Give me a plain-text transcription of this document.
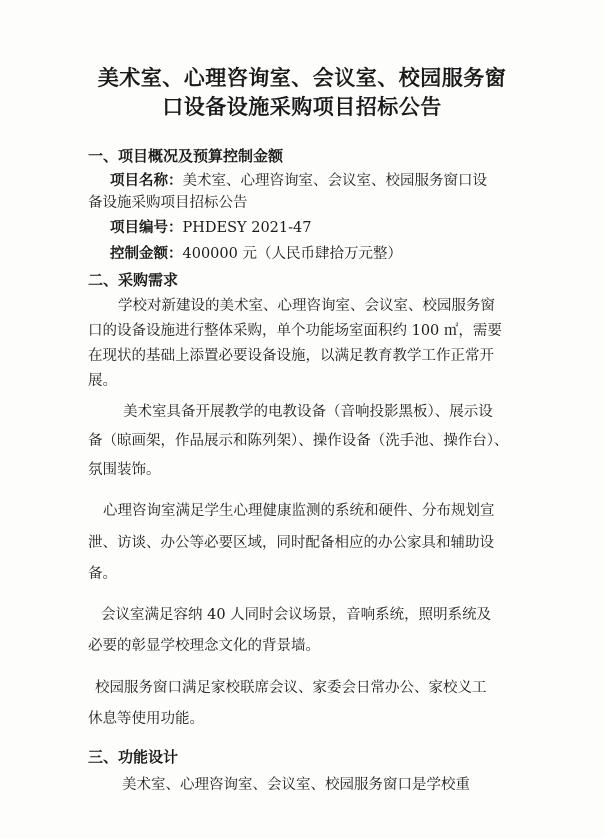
美术室、心理咨询室、会议室、校园服务窗
口设备设施采购项目招标公告

一、项目概况及预算控制金额

项目名称：美术室、心理咨询室、会议室、校园服务窗口设

备设施采购项目招标公告

项目编号：PHDESY 2021-47

控制金额：400000 元（人民币肆拾万元整）

二、采购需求

学校对新建设的美术室、心理咨询室、会议室、校园服务窗

口的设备设施进行整体采购，单个功能场室面积约 100 ㎡，需要

在现状的基础上添置必要设备设施，以满足教育教学工作正常开

展。

美术室具备开展教学的电教设备（音响投影黑板）、展示设

备（晾画架，作品展示和陈列架）、操作设备（洗手池、操作台）、

氛围装饰。

心理咨询室满足学生心理健康监测的系统和硬件、分布规划宣

泄、访谈、办公等必要区域，同时配备相应的办公家具和辅助设

备。

会议室满足容纳 40 人同时会议场景，音响系统，照明系统及

必要的彰显学校理念文化的背景墙。

校园服务窗口满足家校联席会议、家委会日常办公、家校义工

休息等使用功能。

三、功能设计

美术室、心理咨询室、会议室、校园服务窗口是学校重
